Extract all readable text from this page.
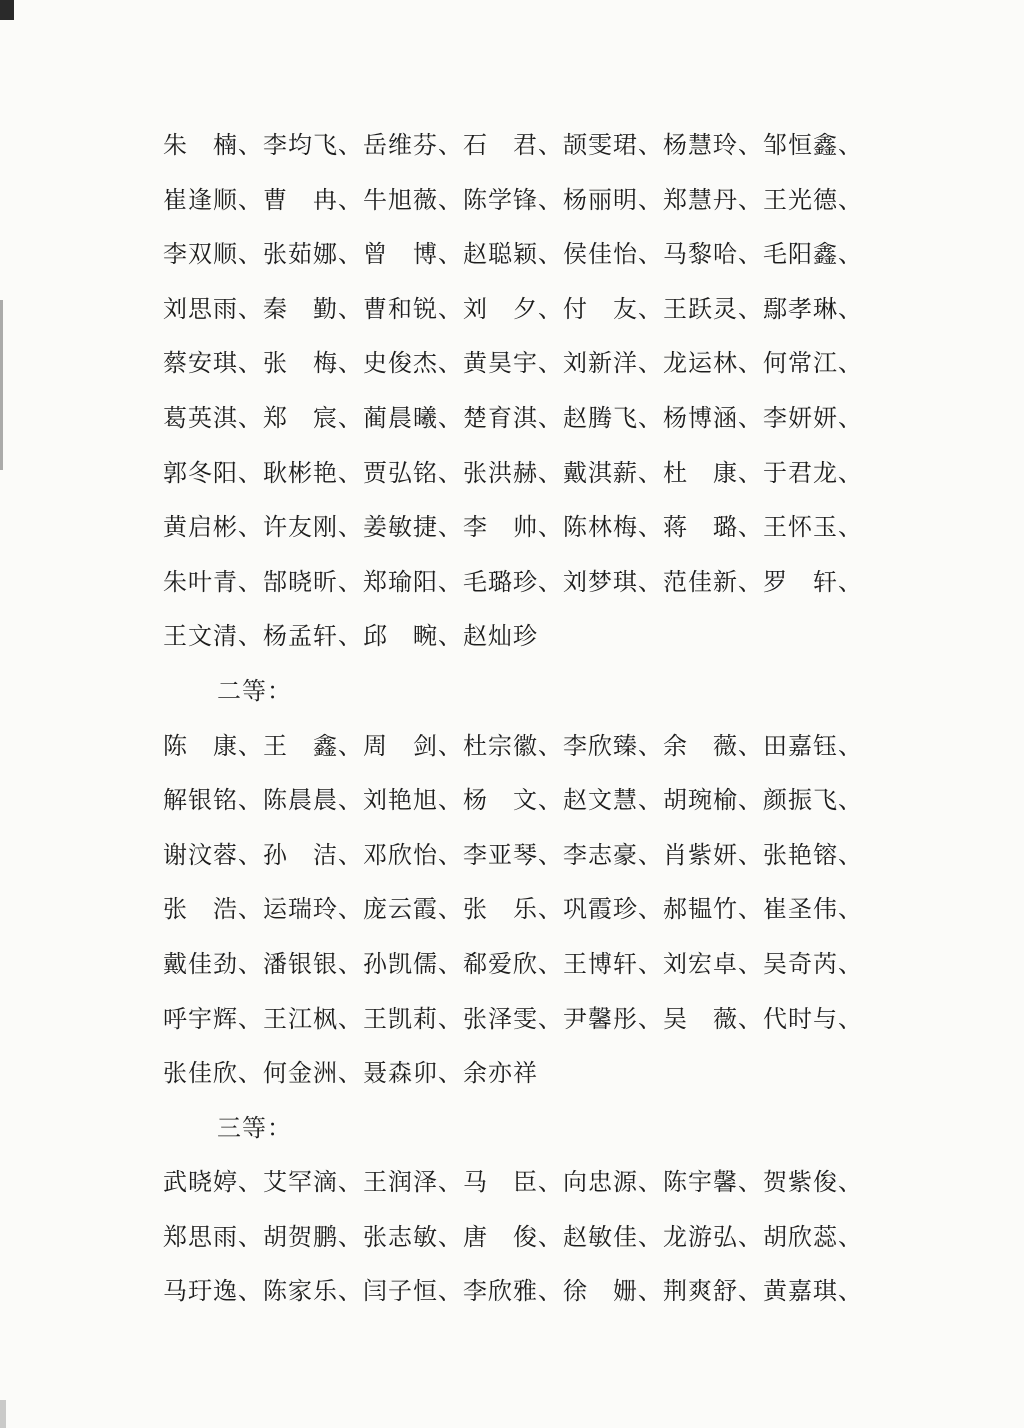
朱　楠、李均飞、岳维芬、石　君、颉雯珺、杨慧玲、邹恒鑫、
崔逢顺、曹　冉、牛旭薇、陈学锋、杨丽明、郑慧丹、王光德、
李双顺、张茹娜、曾　博、赵聪颖、侯佳怡、马黎哈、毛阳鑫、
刘思雨、秦　勤、曹和锐、刘　夕、付　友、王跃灵、鄢孝琳、
蔡安琪、张　梅、史俊杰、黄昊宇、刘新洋、龙运林、何常江、
葛英淇、郑　宸、蔺晨曦、楚育淇、赵腾飞、杨博涵、李妍妍、
郭冬阳、耿彬艳、贾弘铭、张洪赫、戴淇薪、杜　康、于君龙、
黄启彬、许友刚、姜敏捷、李　帅、陈林梅、蒋　璐、王怀玉、
朱叶青、郜晓昕、郑瑜阳、毛璐珍、刘梦琪、范佳新、罗　轩、
王文清、杨孟轩、邱　畹、赵灿珍
二等：
陈　康、王　鑫、周　剑、杜宗徽、李欣臻、余　薇、田嘉钰、
解银铭、陈晨晨、刘艳旭、杨　文、赵文慧、胡琬榆、颜振飞、
谢汶蓉、孙　洁、邓欣怡、李亚琴、李志豪、肖紫妍、张艳镕、
张　浩、运瑞玲、庞云霞、张　乐、巩霞珍、郝韫竹、崔圣伟、
戴佳劲、潘银银、孙凯儒、郗爱欣、王博轩、刘宏卓、吴奇芮、
呼宇辉、王江枫、王凯莉、张泽雯、尹馨彤、吴　薇、代时与、
张佳欣、何金洲、聂森卯、余亦祥
三等：
武晓婷、艾罕滴、王润泽、马　臣、向忠源、陈宇馨、贺紫俊、
郑思雨、胡贺鹏、张志敏、唐　俊、赵敏佳、龙游弘、胡欣蕊、
马玗逸、陈家乐、闫子恒、李欣雅、徐　姗、荆爽舒、黄嘉琪、
